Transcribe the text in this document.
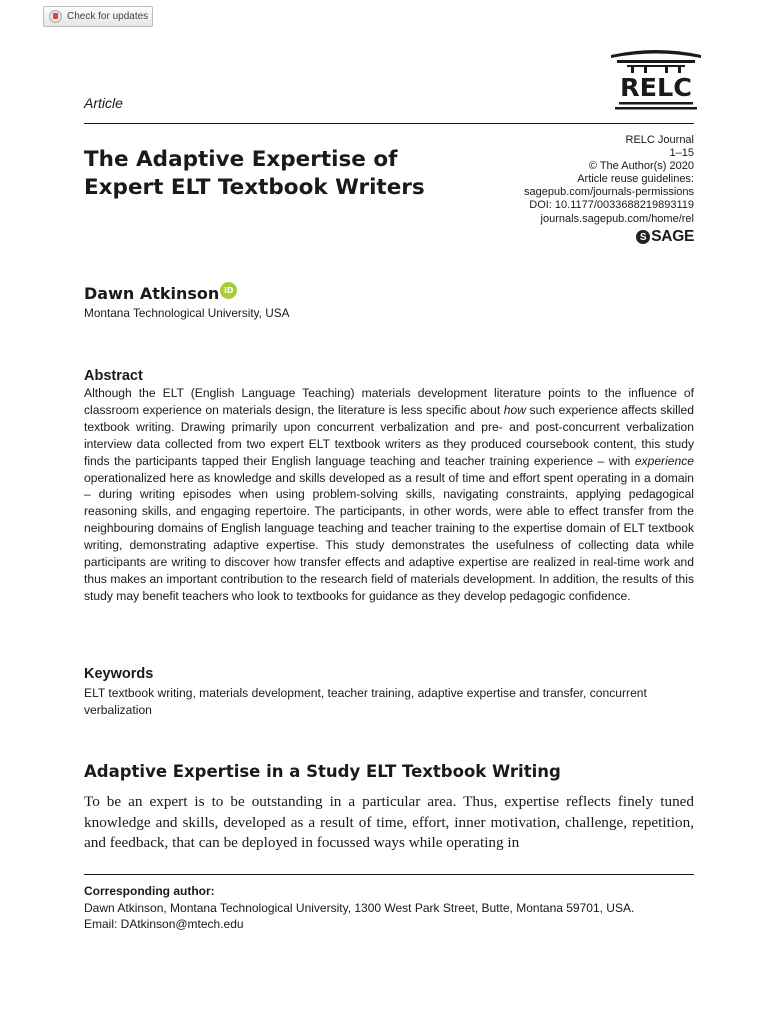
Check for updates
Article
RELC
The Adaptive Expertise of Expert ELT Textbook Writers
RELC Journal
1–15
© The Author(s) 2020
Article reuse guidelines:
sagepub.com/journals-permissions
DOI: 10.1177/0033688219893119
journals.sagepub.com/home/rel
S SAGE
Dawn Atkinson iD
Montana Technological University, USA
Abstract

Although the ELT (English Language Teaching) materials development literature points to the influence of classroom experience on materials design, the literature is less specific about how such experience affects skilled textbook writing. Drawing primarily upon concurrent verbalization and pre- and post-concurrent verbalization interview data collected from two expert ELT textbook writers as they produced coursebook content, this study finds the participants tapped their English language teaching and teacher training experience – with experience operationalized here as knowledge and skills developed as a result of time and effort spent operating in a domain – during writing episodes when using problem-solving skills, navigating constraints, applying pedagogical reasoning skills, and engaging repertoire. The participants, in other words, were able to effect transfer from the neighbouring domains of English language teaching and teacher training to the expertise domain of ELT textbook writing, demonstrating adaptive expertise. This study demonstrates the usefulness of collecting data while participants are writing to discover how transfer effects and adaptive expertise are realized in real-time work and thus makes an important contribution to the research field of materials development. In addition, the results of this study may benefit teachers who look to textbooks for guidance as they develop pedagogic confidence.

Keywords

ELT textbook writing, materials development, teacher training, adaptive expertise and transfer, concurrent verbalization

Adaptive Expertise in a Study ELT Textbook Writing

To be an expert is to be outstanding in a particular area. Thus, expertise reflects finely tuned knowledge and skills, developed as a result of time, effort, inner motivation, challenge, repetition, and feedback, that can be deployed in focussed ways while operating in

Corresponding author:
Dawn Atkinson, Montana Technological University, 1300 West Park Street, Butte, Montana 59701, USA.
Email: DAtkinson@mtech.edu
